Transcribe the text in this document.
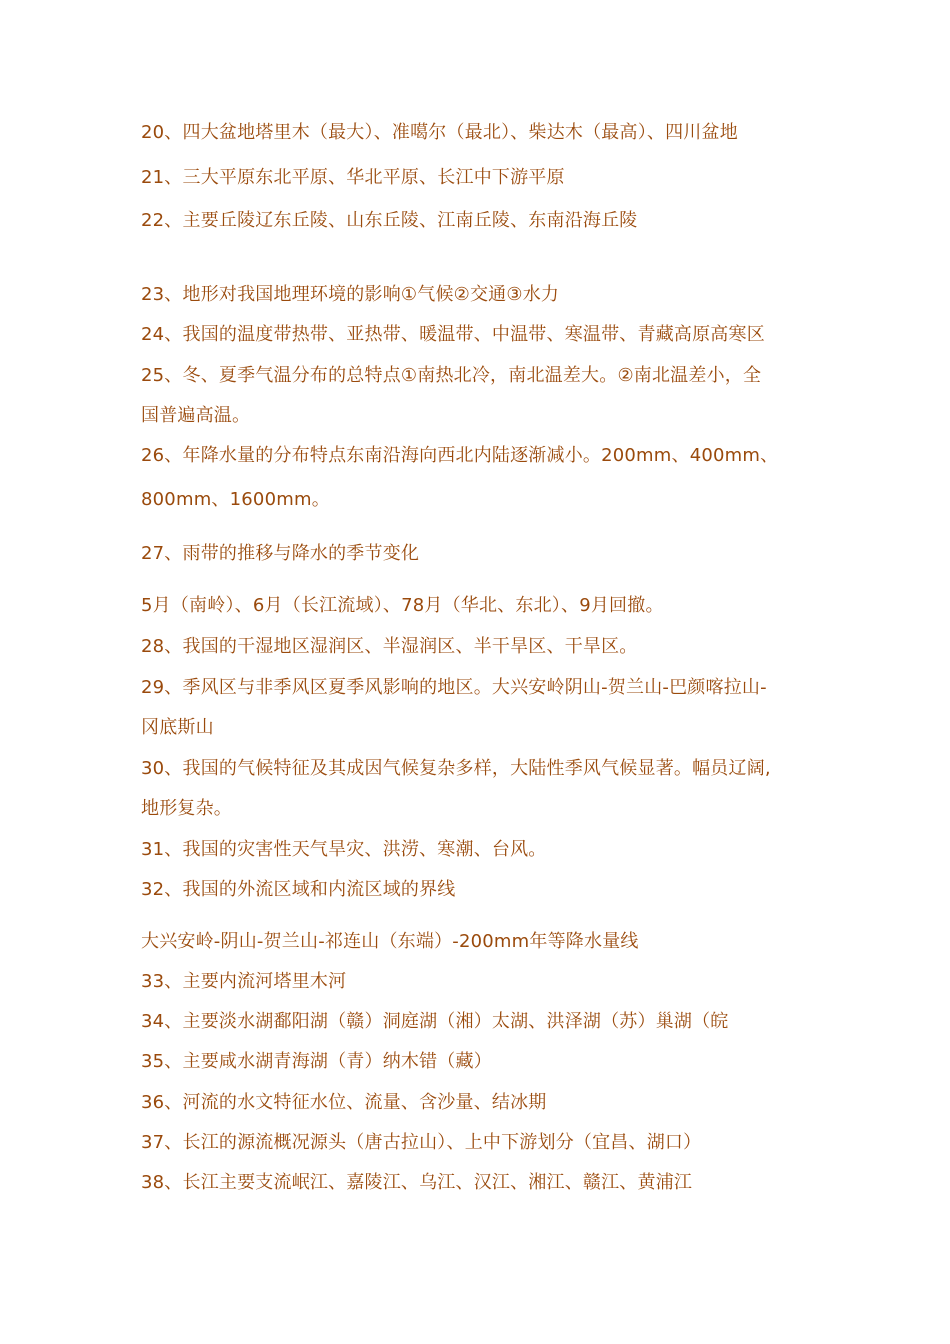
20、四大盆地塔里木（最大）、准噶尔（最北）、柴达木（最高）、四川盆地
21、三大平原东北平原、华北平原、长江中下游平原
22、主要丘陵辽东丘陵、山东丘陵、江南丘陵、东南沿海丘陵
23、地形对我国地理环境的影响①气候②交通③水力
24、我国的温度带热带、亚热带、暖温带、中温带、寒温带、青藏高原高寒区
25、冬、夏季气温分布的总特点①南热北冷，南北温差大。②南北温差小，全
国普遍高温。
26、年降水量的分布特点东南沿海向西北内陆逐渐减小。200mm、400mm、
800mm、1600mm。
27、雨带的推移与降水的季节变化
5月（南岭）、6月（长江流域）、78月（华北、东北）、9月回撤。
28、我国的干湿地区湿润区、半湿润区、半干旱区、干旱区。
29、季风区与非季风区夏季风影响的地区。大兴安岭阴山-贺兰山-巴颜喀拉山-
冈底斯山
30、我国的气候特征及其成因气候复杂多样，大陆性季风气候显著。幅员辽阔,
地形复杂。
31、我国的灾害性天气旱灾、洪涝、寒潮、台风。
32、我国的外流区域和内流区域的界线
大兴安岭-阴山-贺兰山-祁连山（东端）-200mm年等降水量线
33、主要内流河塔里木河
34、主要淡水湖鄱阳湖（赣）洞庭湖（湘）太湖、洪泽湖（苏）巢湖（皖
35、主要咸水湖青海湖（青）纳木错（藏）
36、河流的水文特征水位、流量、含沙量、结冰期
37、长江的源流概况源头（唐古拉山）、上中下游划分（宜昌、湖口）
38、长江主要支流岷江、嘉陵江、乌江、汉江、湘江、赣江、黄浦江
